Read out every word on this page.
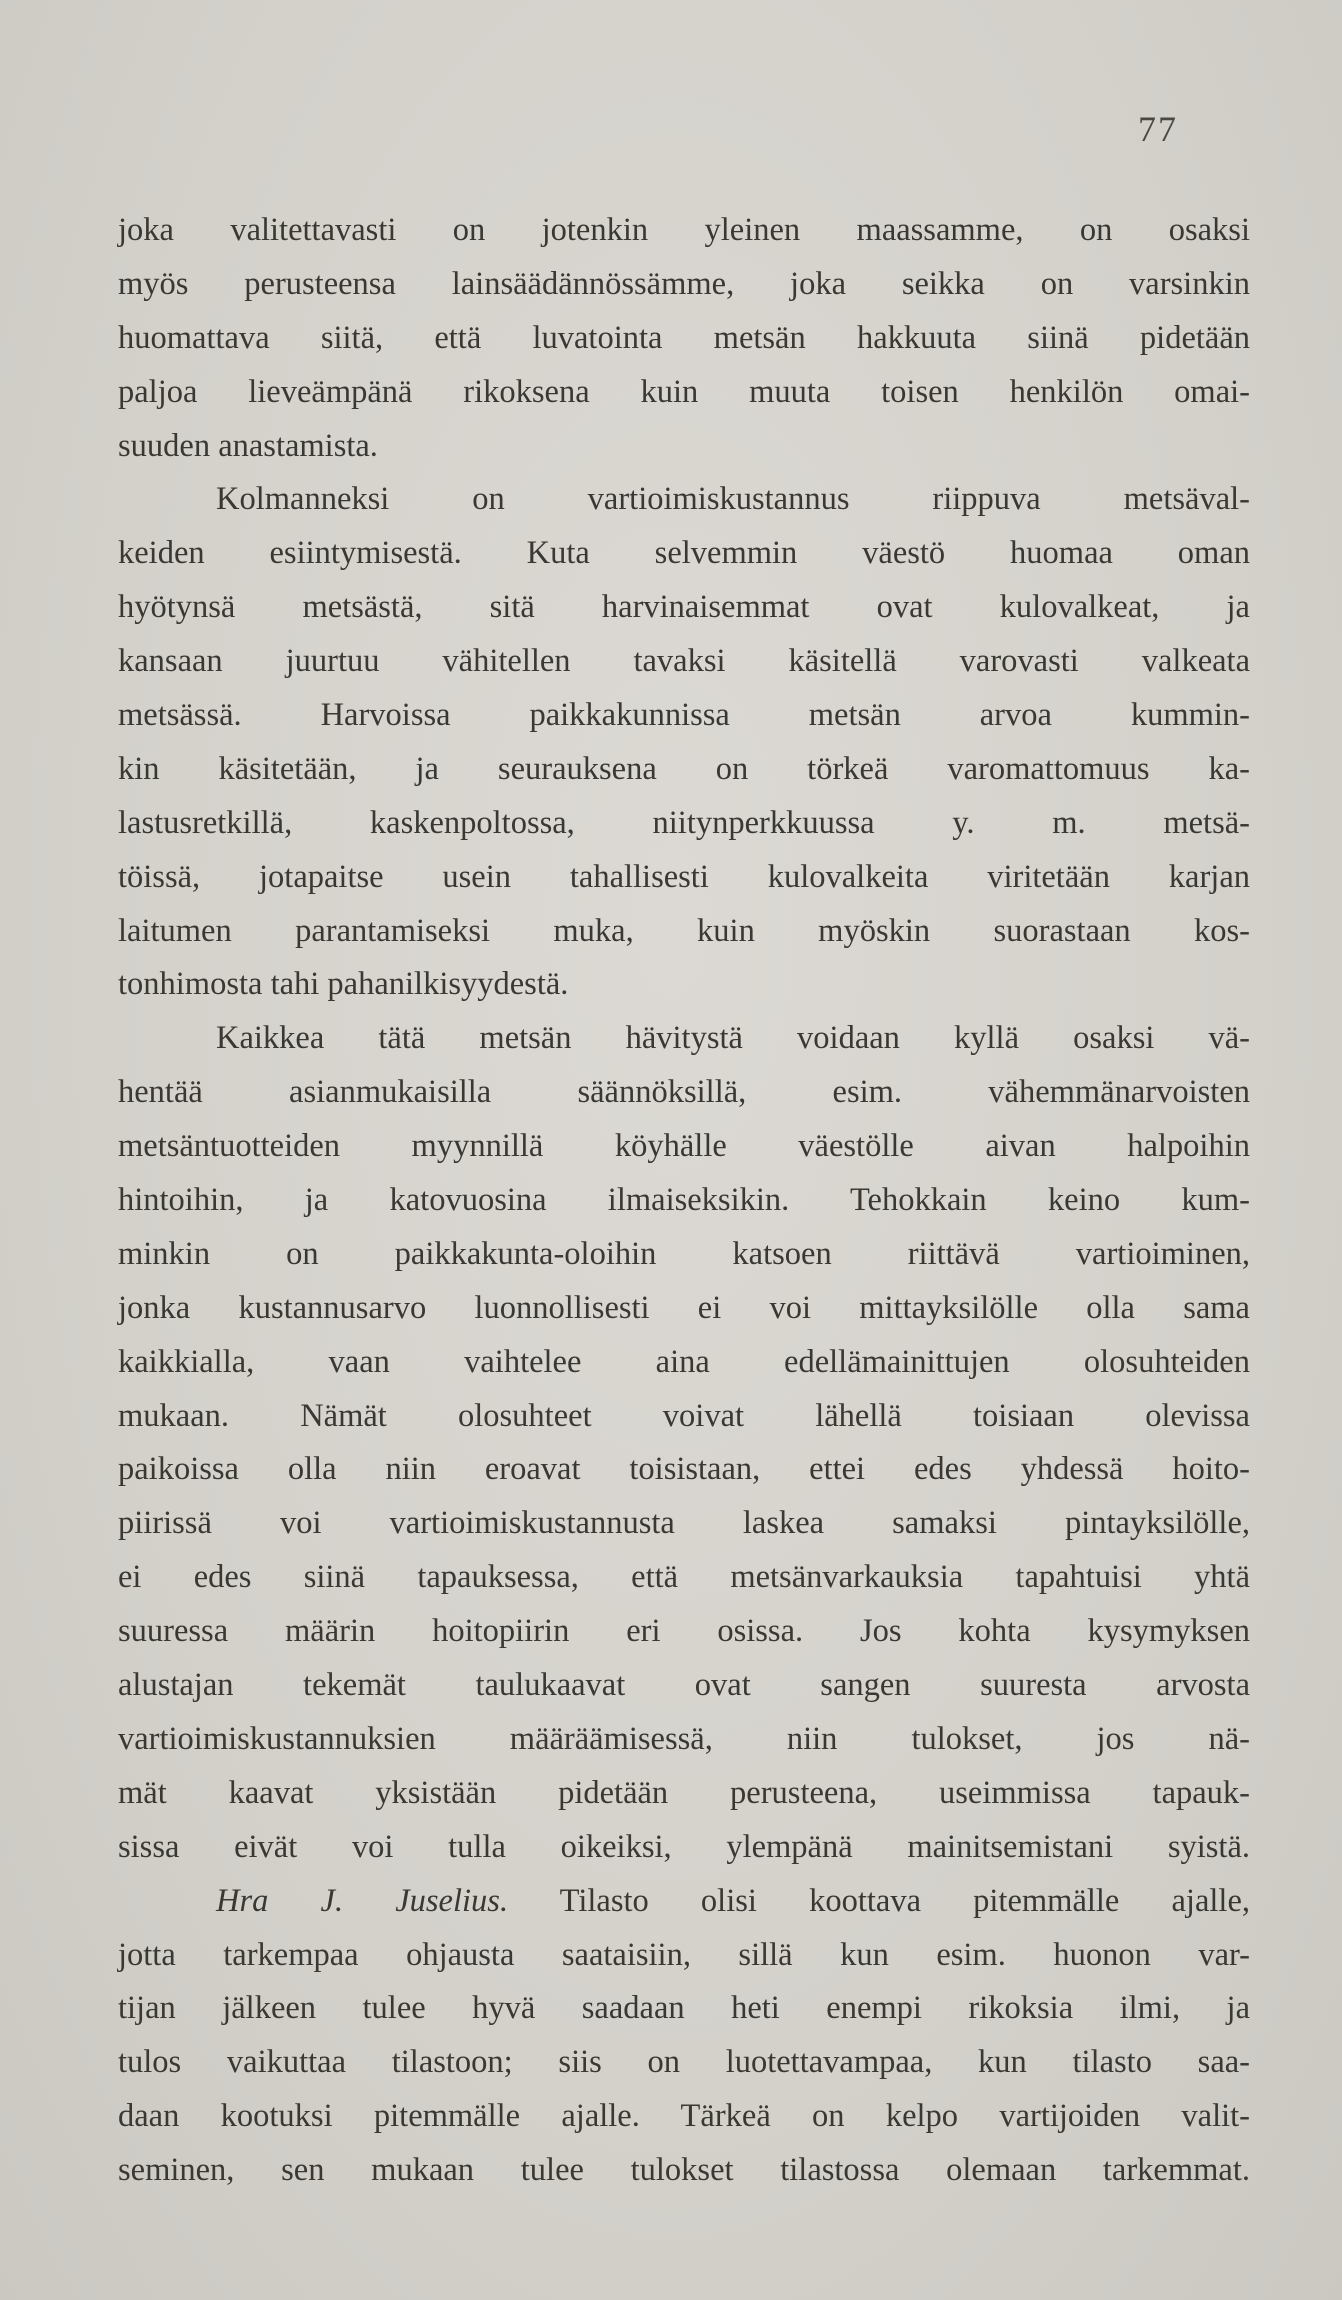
77
joka valitettavasti on jotenkin yleinen maassamme, on osaksi
myös perusteensa lainsäädännössämme, joka seikka on varsinkin
huomattava siitä, että luvatointa metsän hakkuuta siinä pidetään
paljoa lieveämpänä rikoksena kuin muuta toisen henkilön omai-
suuden anastamista.
Kolmanneksi on vartioimiskustannus riippuva metsäval-
keiden esiintymisestä. Kuta selvemmin väestö huomaa oman
hyötynsä metsästä, sitä harvinaisemmat ovat kulovalkeat, ja
kansaan juurtuu vähitellen tavaksi käsitellä varovasti valkeata
metsässä. Harvoissa paikkakunnissa metsän arvoa kummin-
kin käsitetään, ja seurauksena on törkeä varomattomuus ka-
lastusretkillä, kaskenpoltossa, niitynperkkuussa y. m. metsä-
töissä, jotapaitse usein tahallisesti kulovalkeita viritetään karjan
laitumen parantamiseksi muka, kuin myöskin suorastaan kos-
tonhimosta tahi pahanilkisyydestä.
Kaikkea tätä metsän hävitystä voidaan kyllä osaksi vä-
hentää asianmukaisilla säännöksillä, esim. vähemmänarvoisten
metsäntuotteiden myynnillä köyhälle väestölle aivan halpoihin
hintoihin, ja katovuosina ilmaiseksikin. Tehokkain keino kum-
minkin on paikkakunta-oloihin katsoen riittävä vartioiminen,
jonka kustannusarvo luonnollisesti ei voi mittayksilölle olla sama
kaikkialla, vaan vaihtelee aina edellämainittujen olosuhteiden
mukaan. Nämät olosuhteet voivat lähellä toisiaan olevissa
paikoissa olla niin eroavat toisistaan, ettei edes yhdessä hoito-
piirissä voi vartioimiskustannusta laskea samaksi pintayksilölle,
ei edes siinä tapauksessa, että metsänvarkauksia tapahtuisi yhtä
suuressa määrin hoitopiirin eri osissa. Jos kohta kysymyksen
alustajan tekemät taulukaavat ovat sangen suuresta arvosta
vartioimiskustannuksien määräämisessä, niin tulokset, jos nä-
mät kaavat yksistään pidetään perusteena, useimmissa tapauk-
sissa eivät voi tulla oikeiksi, ylempänä mainitsemistani syistä.
Hra J. Juselius. Tilasto olisi koottava pitemmälle ajalle,
jotta tarkempaa ohjausta saataisiin, sillä kun esim. huonon var-
tijan jälkeen tulee hyvä saadaan heti enempi rikoksia ilmi, ja
tulos vaikuttaa tilastoon; siis on luotettavampaa, kun tilasto saa-
daan kootuksi pitemmälle ajalle. Tärkeä on kelpo vartijoiden valit-
seminen, sen mukaan tulee tulokset tilastossa olemaan tarkemmat.
